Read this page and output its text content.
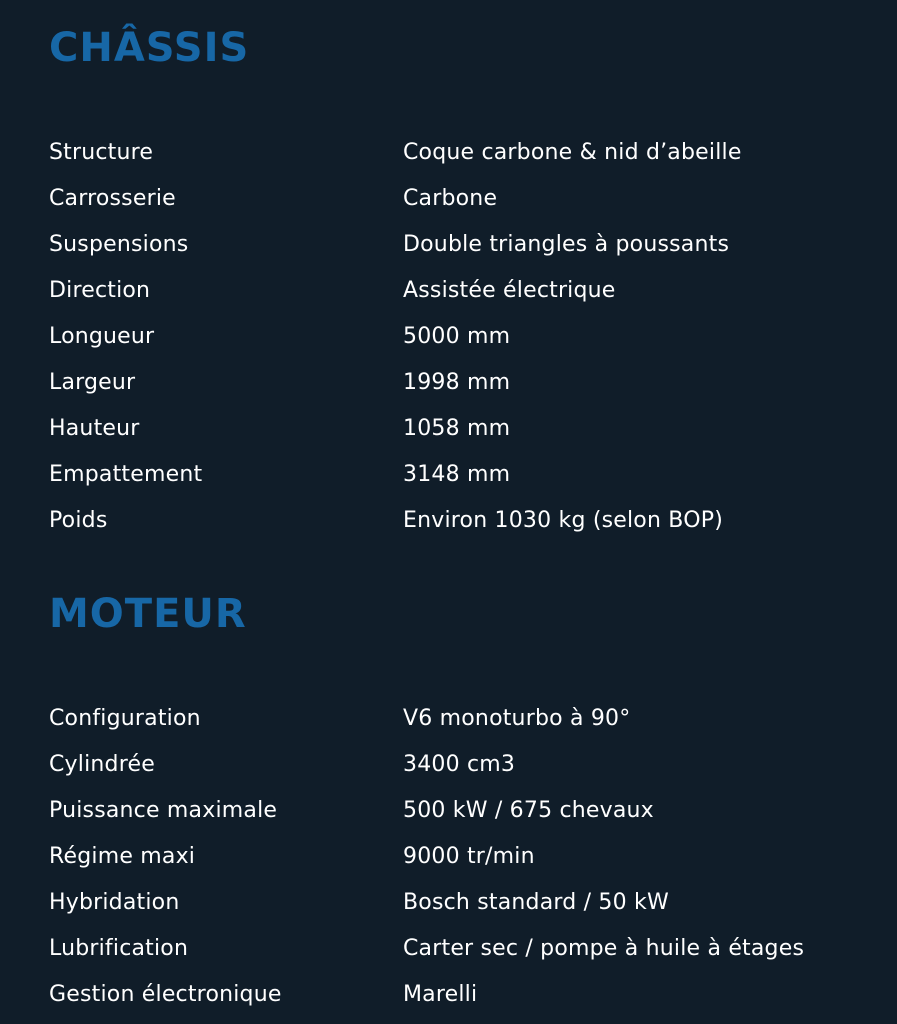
CHÂSSIS
Structure	Coque carbone & nid d’abeille
Carrosserie	Carbone
Suspensions	Double triangles à poussants
Direction	Assistée électrique
Longueur	5000 mm
Largeur	1998 mm
Hauteur	1058 mm
Empattement	3148 mm
Poids	Environ 1030 kg (selon BOP)
MOTEUR
Configuration	V6 monoturbo à 90°
Cylindrée	3400 cm3
Puissance maximale	500 kW / 675 chevaux
Régime maxi	9000 tr/min
Hybridation	Bosch standard / 50 kW
Lubrification	Carter sec / pompe à huile à étages
Gestion électronique	Marelli
